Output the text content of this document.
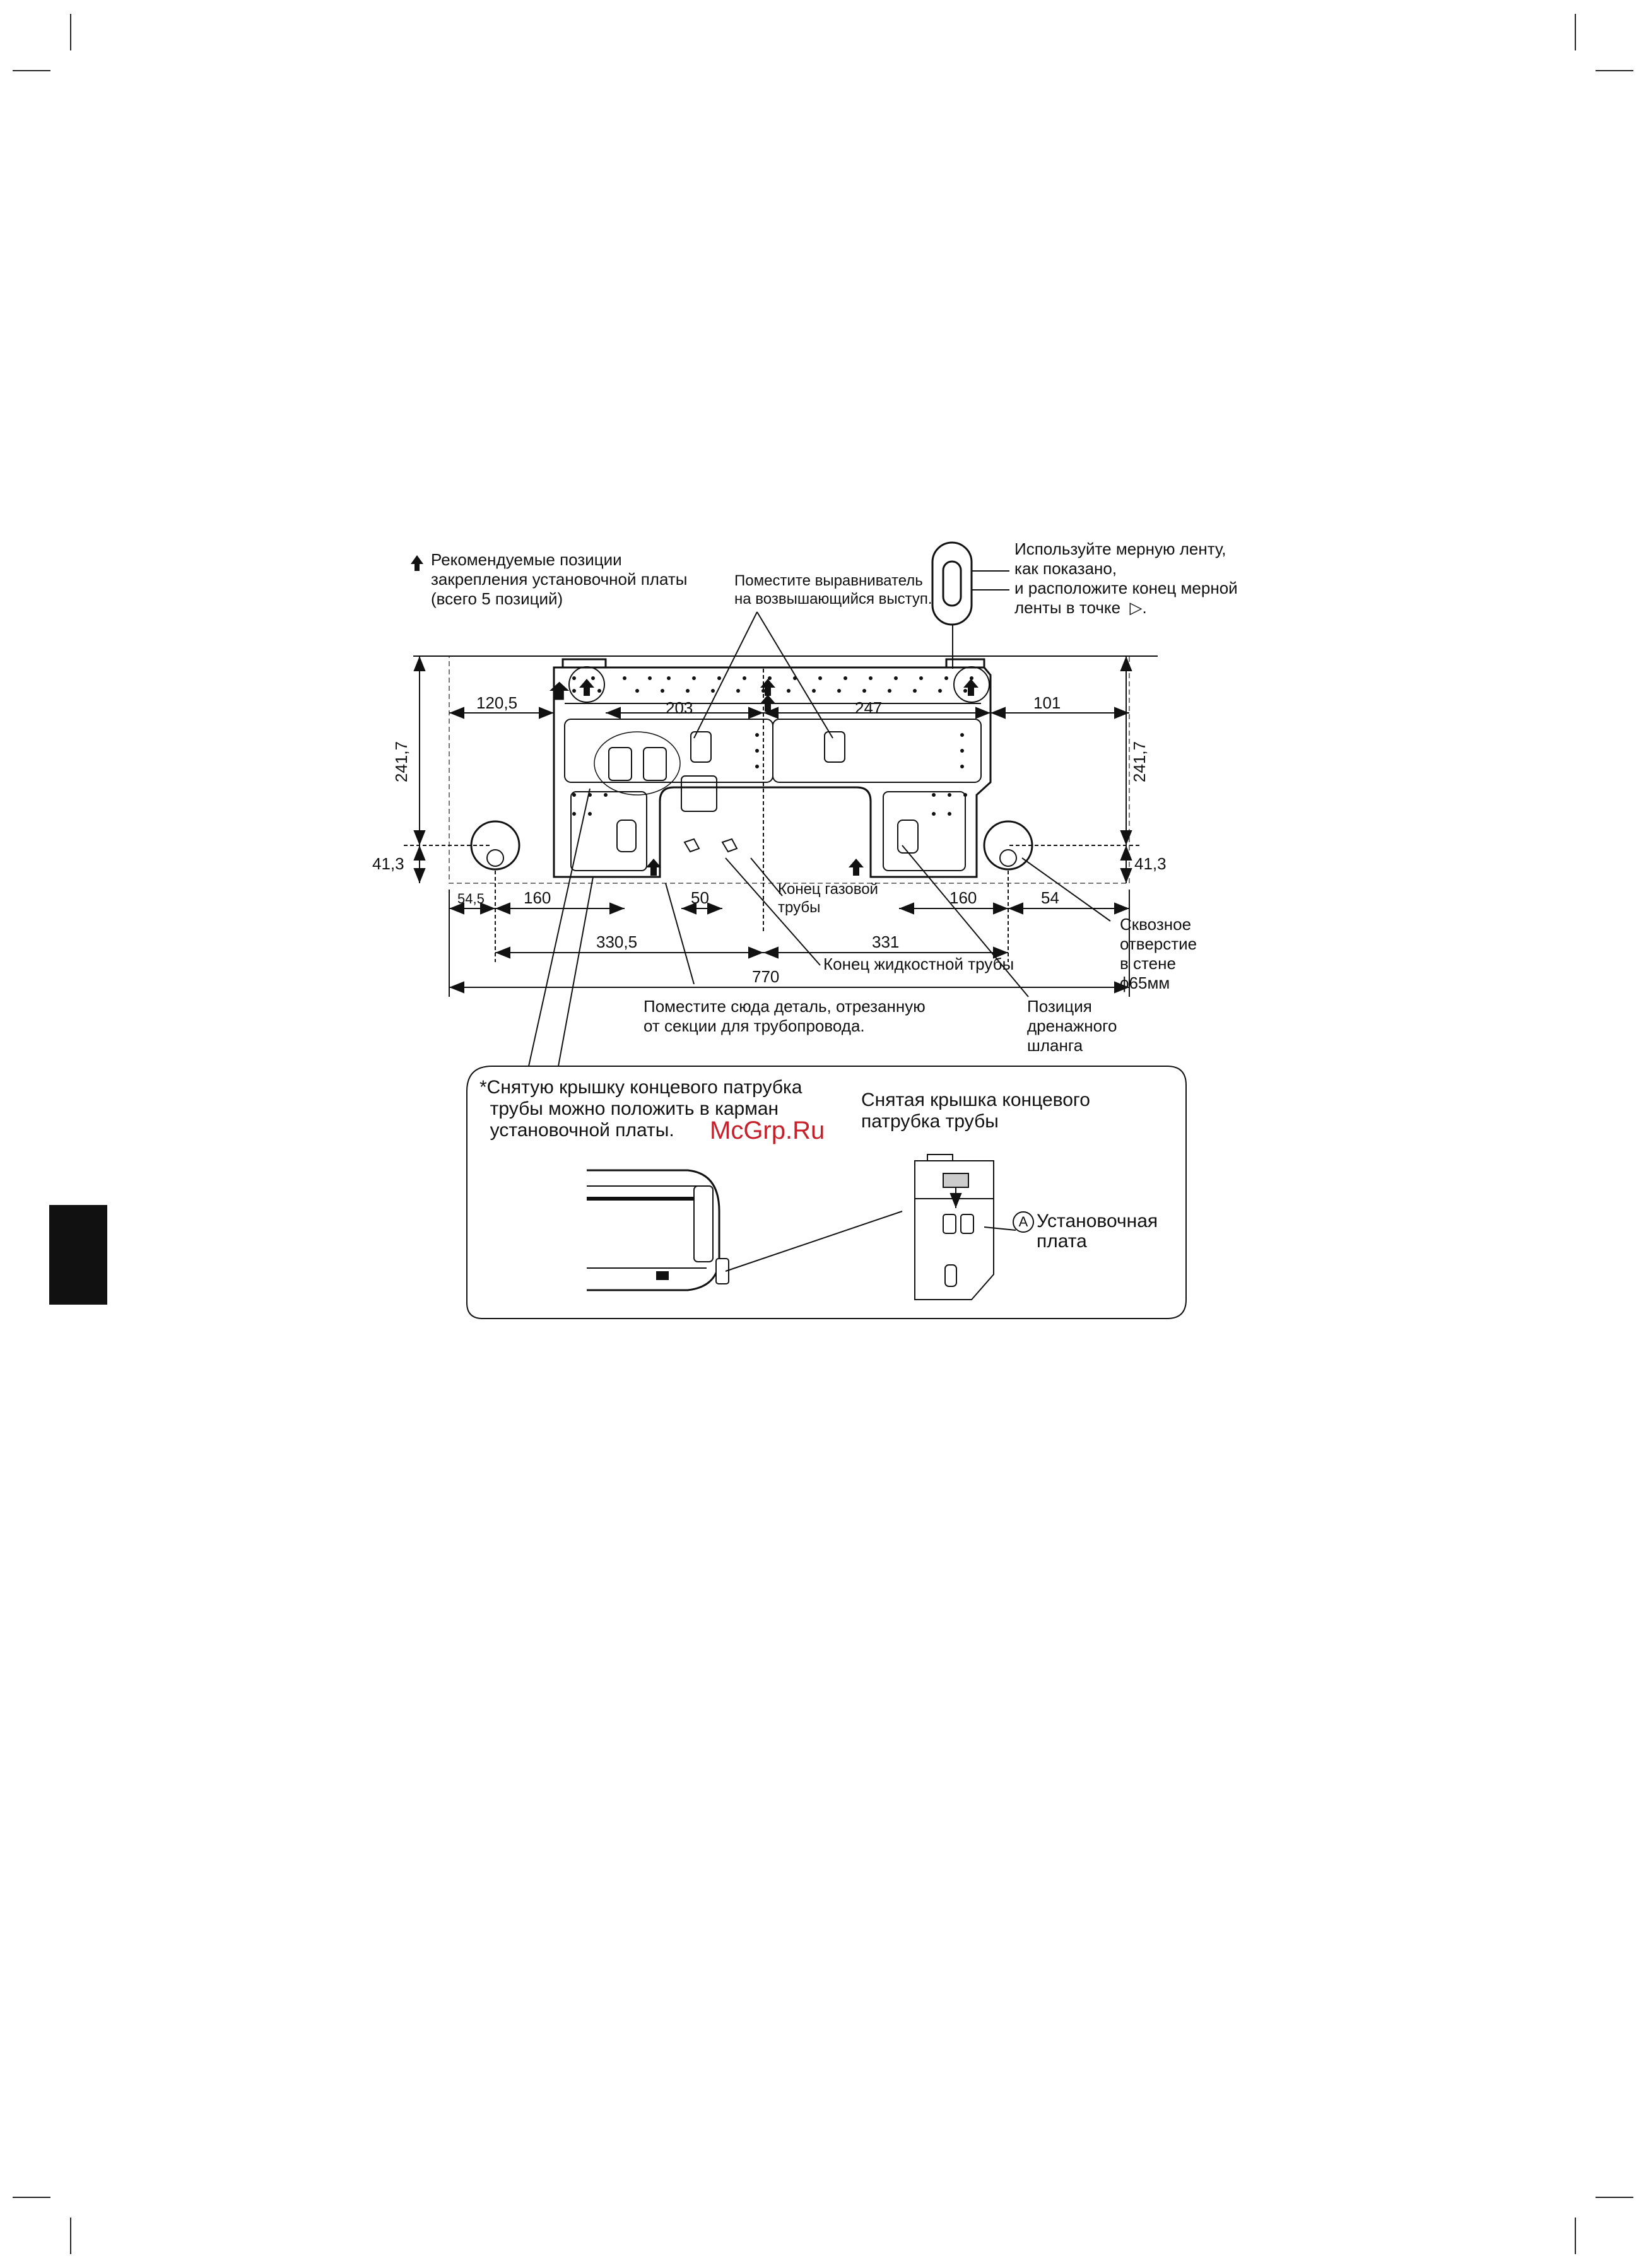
120,5	203	247	101
241,7	241,7
41,3	41,3
54,5 160	50	160	54
330,5	331
770
Рекомендуемые позиции
закрепления установочной платы
(всего 5 позиций)
Поместите выравниватель
на возвышающийся выступ.
Используйте мерную ленту,
как показано,
и расположите конец мерной
ленты в точке  ▷.
Конец газовой
трубы
Конец жидкостной трубы
Поместите сюда деталь, отрезанную
от секции для трубопровода.
Позиция
дренажного
шланга
Сквозное
отверстие
в стене
ϕ65мм
*Снятую крышку концевого патрубка
трубы можно положить в карман
установочной платы.
Снятая крышка концевого
патрубка трубы
A Установочная
плата
McGrp.Ru
